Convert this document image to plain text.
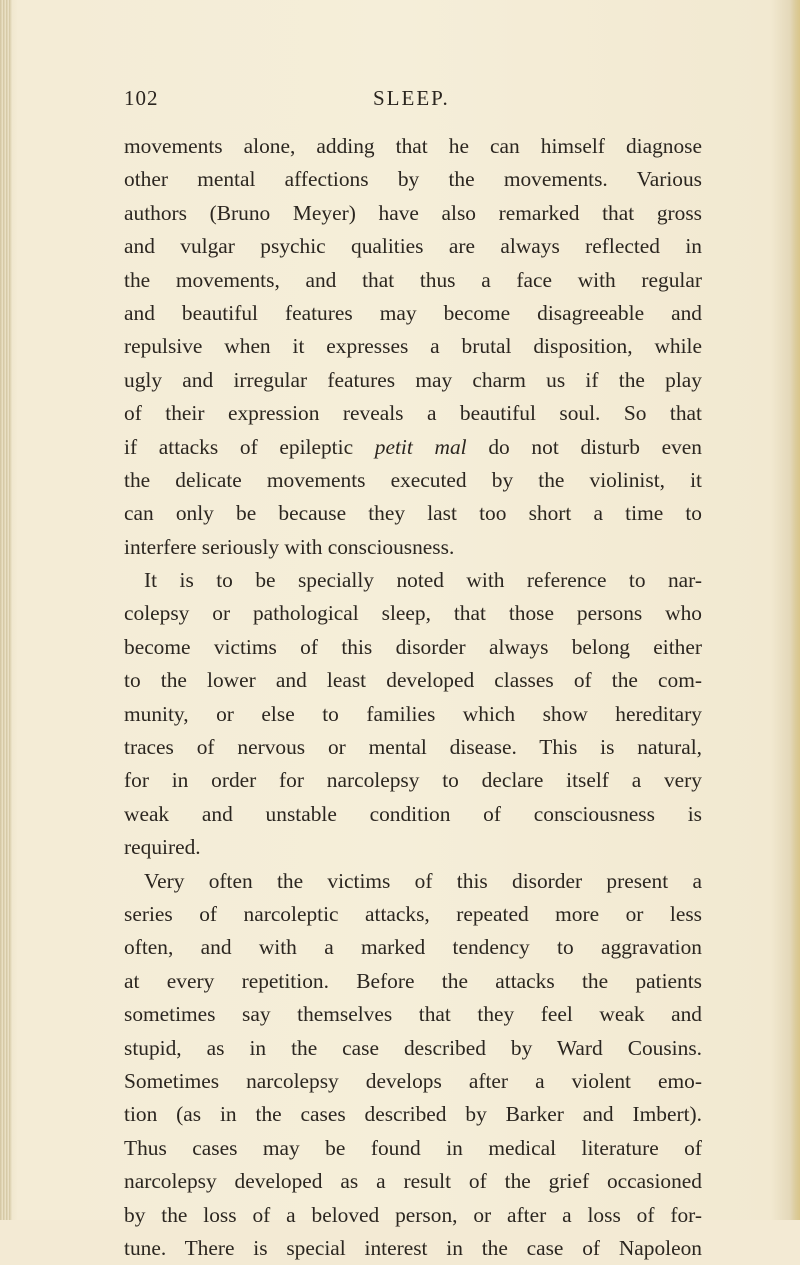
102	SLEEP.
movements alone, adding that he can himself diagnose
other mental affections by the movements. Various
authors (Bruno Meyer) have also remarked that gross
and vulgar psychic qualities are always reflected in
the movements, and that thus a face with regular
and beautiful features may become disagreeable and
repulsive when it expresses a brutal disposition, while
ugly and irregular features may charm us if the play
of their expression reveals a beautiful soul. So that
if attacks of epileptic petit mal do not disturb even
the delicate movements executed by the violinist, it
can only be because they last too short a time to
interfere seriously with consciousness.
It is to be specially noted with reference to nar-
colepsy or pathological sleep, that those persons who
become victims of this disorder always belong either
to the lower and least developed classes of the com-
munity, or else to families which show hereditary
traces of nervous or mental disease. This is natural,
for in order for narcolepsy to declare itself a very
weak and unstable condition of consciousness is
required.
Very often the victims of this disorder present a
series of narcoleptic attacks, repeated more or less
often, and with a marked tendency to aggravation
at every repetition. Before the attacks the patients
sometimes say themselves that they feel weak and
stupid, as in the case described by Ward Cousins.
Sometimes narcolepsy develops after a violent emo-
tion (as in the cases described by Barker and Imbert).
Thus cases may be found in medical literature of
narcolepsy developed as a result of the grief occasioned
by the loss of a beloved person, or after a loss of for-
tune. There is special interest in the case of Napoleon
